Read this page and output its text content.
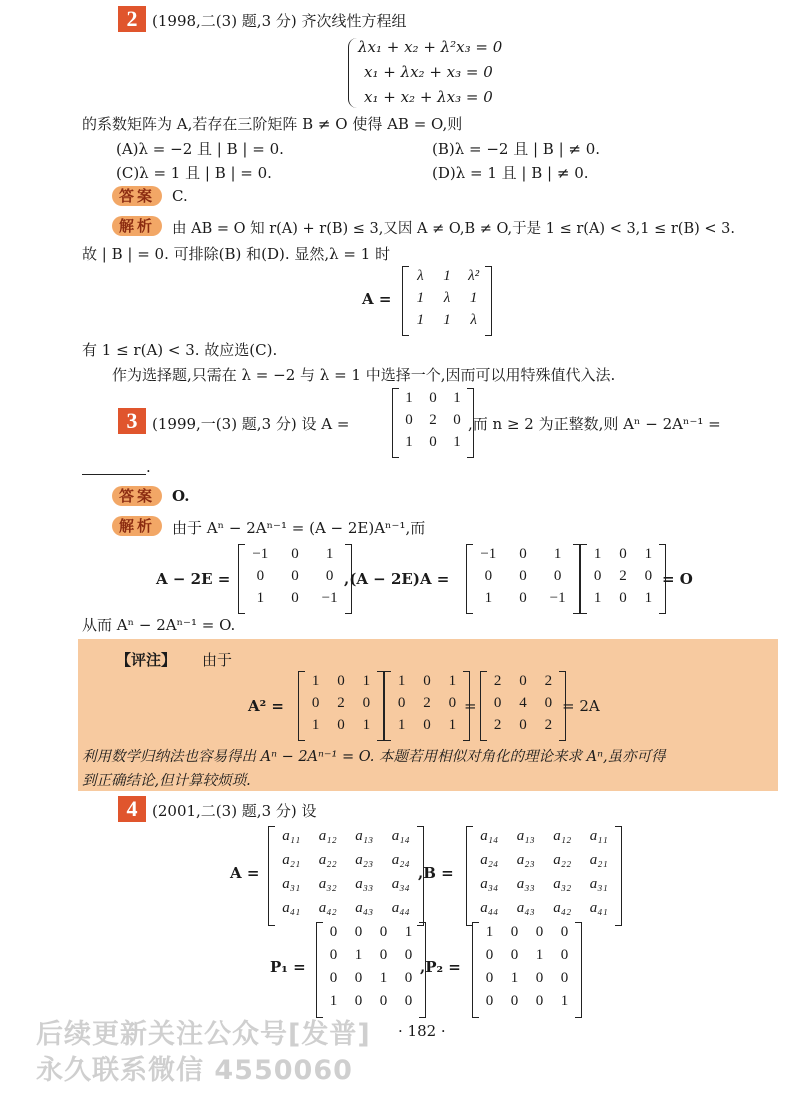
2 (1998,二(3) 题,3 分) 齐次线性方程组
λx₁ + x₂ + λ²x₃ = 0
x₁ + λx₂ + x₃ = 0
x₁ + x₂ + λx₃ = 0
的系数矩阵为 A,若存在三阶矩阵 B ≠ O 使得 AB = O,则
(A)λ = −2 且 | B | = 0.	(B)λ = −2 且 | B | ≠ 0.
(C)λ = 1 且 | B | = 0.	(D)λ = 1 且 | B | ≠ 0.
答案	C.
解析	由 AB = O 知 r(A) + r(B) ≤ 3,又因 A ≠ O,B ≠ O,于是 1 ≤ r(A) < 3,1 ≤ r(B) < 3.
故 | B | = 0. 可排除(B) 和(D). 显然,λ = 1 时
A =
λ	1	λ²
1	λ	1
1	1	λ
有 1 ≤ r(A) < 3. 故应选(C).
作为选择题,只需在 λ = −2 与 λ = 1 中选择一个,因而可以用特殊值代入法.
3 (1999,一(3) 题,3 分) 设 A =
1	0	1
0	2	0
1	0	1
,而 n ≥ 2 为正整数,则 Aⁿ − 2Aⁿ⁻¹ =
.
答案	O.
解析	由于 Aⁿ − 2Aⁿ⁻¹ = (A − 2E)Aⁿ⁻¹,而
A − 2E =
−1	0	1
0	0	0
1	0	−1
,(A − 2E)A =
−1	0	1
0	0	0
1	0	−1
1	0	1
0	2	0
1	0	1
= O
从而 Aⁿ − 2Aⁿ⁻¹ = O.
【评注】 由于
A² =
1	0	1
0	2	0
1	0	1
1	0	1
0	2	0
1	0	1
=
2	0	2
0	4	0
2	0	2
= 2A
利用数学归纳法也容易得出 Aⁿ − 2Aⁿ⁻¹ = O. 本题若用相似对角化的理论来求 Aⁿ,虽亦可得
到正确结论,但计算较烦琐.
4 (2001,二(3) 题,3 分) 设
A =
a₁₁	a₁₂	a₁₃	a₁₄
a₂₁	a₂₂	a₂₃	a₂₄
a₃₁	a₃₂	a₃₃	a₃₄
a₄₁	a₄₂	a₄₃	a₄₄
,B =
a₁₄	a₁₃	a₁₂	a₁₁
a₂₄	a₂₃	a₂₂	a₂₁
a₃₄	a₃₃	a₃₂	a₃₁
a₄₄	a₄₃	a₄₂	a₄₁
P₁ =
0	0	0	1
0	1	0	0
0	0	1	0
1	0	0	0
,P₂ =
1	0	0	0
0	0	1	0
0	1	0	0
0	0	0	1
· 182 ·
后续更新关注公众号[发普]
永久联系微信 4550060
